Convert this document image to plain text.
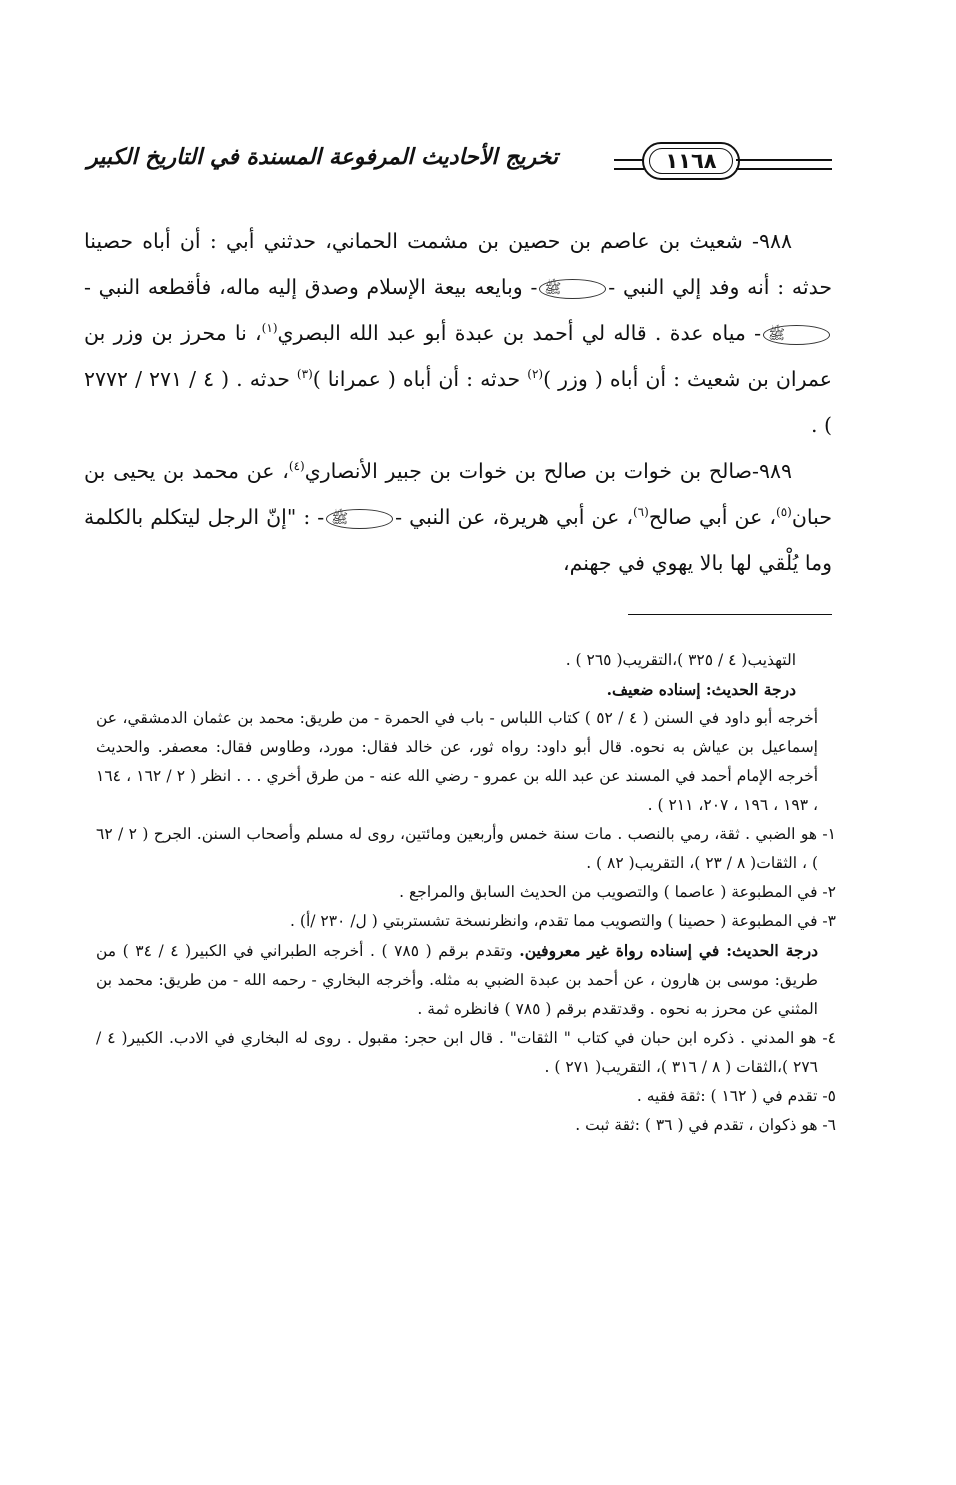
١١٦٨
تخريج الأحاديث المرفوعة المسندة في التاريخ الكبير

٩٨٨- شعيث بن عاصم بن حصين بن مشمت الحماني، حدثني أبي : أن أباه حصينا حدثه : أنه وفد إلي النبي -ﷺ- وبايعه بيعة الإسلام وصدق إليه ماله، فأقطعه النبي -ﷺ- مياه عدة . قاله لي أحمد بن عبدة أبو عبد الله البصري$^{(١)}$، نا محرز بن وزر بن عمران بن شعيث : أن أباه ( وزر )$^{(٢)}$ حدثه : أن أباه ( عمرانا )$^{(٣)}$ حدثه . ( ٤ / ٢٧١ / ٢٧٧٢ ) .

٩٨٩-صالح بن خوات بن صالح بن خوات بن جبير الأنصاري$^{(٤)}$، عن محمد بن يحيى بن حبان$^{(٥)}$، عن أبي صالح$^{(٦)}$، عن أبي هريرة، عن النبي -ﷺ- : "إنّ الرجل ليتكلم بالكلمة وما يُلْقي لها بالا يهوي في جهنم،

التهذيب( ٤ / ٣٢٥ )،التقريب( ٢٦٥ ) .

درجة الحديث: إسناده ضعيف.

أخرجه أبو داود في السنن ( ٤ / ٥٢ ) كتاب اللباس - باب في الحمرة - من طريق: محمد بن عثمان الدمشقي، عن إسماعيل بن عياش به نحوه. قال أبو داود: رواه ثور، عن خالد فقال: مورد، وطاوس فقال: معصفر. والحديث أخرجه الإمام أحمد في المسند عن عبد الله بن عمرو - رضي الله عنه - من طرق أخري . . . انظر ( ٢ / ١٦٢ ، ١٦٤ ، ١٩٣ ، ١٩٦ ، ٢٠٧، ٢١١ ) .

١- هو الضبي . ثقة، رمي بالنصب . مات سنة خمس وأربعين ومائتين، روى له مسلم وأصحاب السنن. الجرح ( ٢ / ٦٢ ) ، الثقات( ٨ / ٢٣ )، التقريب( ٨٢ ) .

٢- في المطبوعة ( عاصما ) والتصويب من الحديث السابق والمراجع .

٣- في المطبوعة ( حصينا ) والتصويب مما تقدم، وانظرنسخة تشستربتي ( ل/ ٢٣٠ /أ) .

درجة الحديث: في إسناده رواة غير معروفين. وتقدم برقم ( ٧٨٥ ) . أخرجه الطبراني في الكبير( ٤ / ٣٤ ) من طريق: موسى بن هارون ، عن أحمد بن عبدة الضبي به مثله. وأخرجه البخاري - رحمه الله - من طريق: محمد بن المثني عن محرز به نحوه . وقدتقدم برقم ( ٧٨٥ ) فانظره ثمة .

٤- هو المدني . ذكره ابن حبان في كتاب " الثقات" . قال ابن حجر: مقبول . روى له البخاري في الادب. الكبير( ٤ / ٢٧٦ )،الثقات ( ٨ / ٣١٦ )، التقريب( ٢٧١ ) .

٥- تقدم في ( ١٦٢ ) :ثقة فقيه .

٦- هو ذكوان ، تقدم في ( ٣٦ ) :ثقة ثبت .
